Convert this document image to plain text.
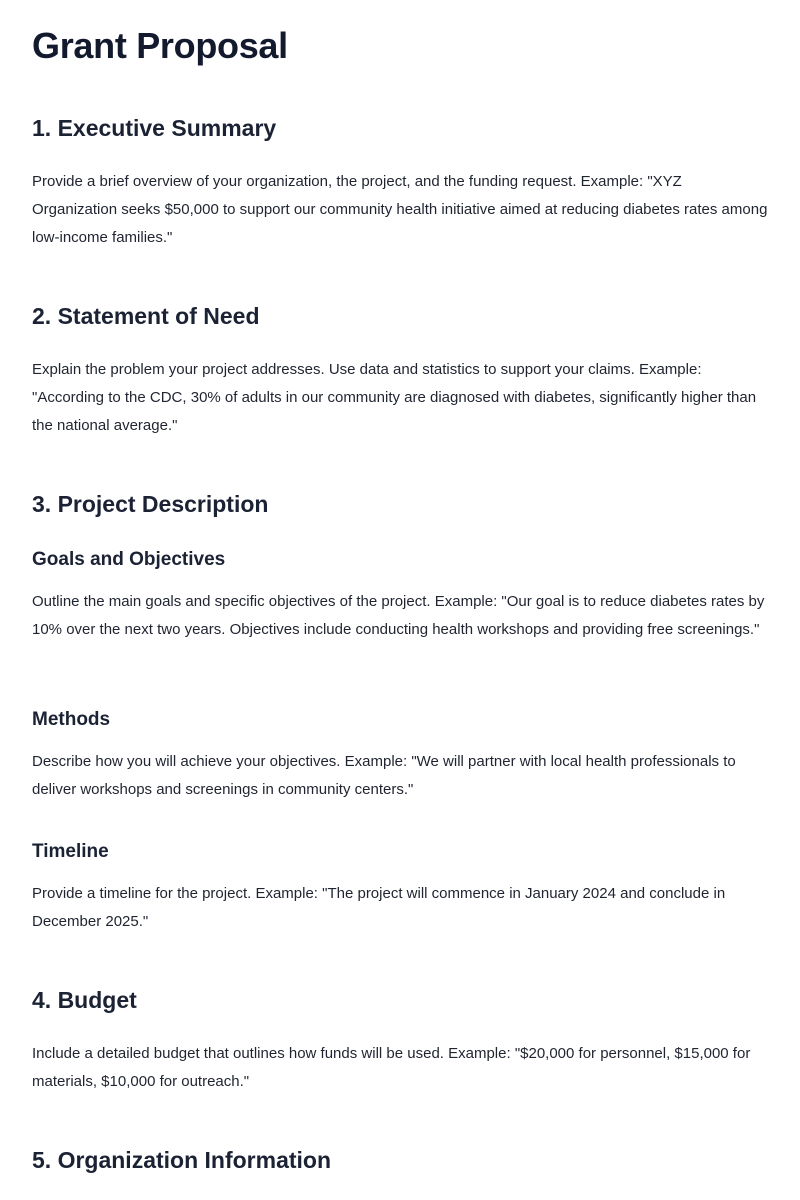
Grant Proposal
1. Executive Summary

Provide a brief overview of your organization, the project, and the funding request. Example: "XYZ Organization seeks $50,000 to support our community health initiative aimed at reducing diabetes rates among low-income families."

2. Statement of Need

Explain the problem your project addresses. Use data and statistics to support your claims. Example: "According to the CDC, 30% of adults in our community are diagnosed with diabetes, significantly higher than the national average."

3. Project Description
Goals and Objectives

Outline the main goals and specific objectives of the project. Example: "Our goal is to reduce diabetes rates by 10% over the next two years. Objectives include conducting health workshops and providing free screenings."

Methods

Describe how you will achieve your objectives. Example: "We will partner with local health professionals to deliver workshops and screenings in community centers."

Timeline

Provide a timeline for the project. Example: "The project will commence in January 2024 and conclude in December 2025."

4. Budget

Include a detailed budget that outlines how funds will be used. Example: "$20,000 for personnel, $15,000 for materials, $10,000 for outreach."

5. Organization Information
